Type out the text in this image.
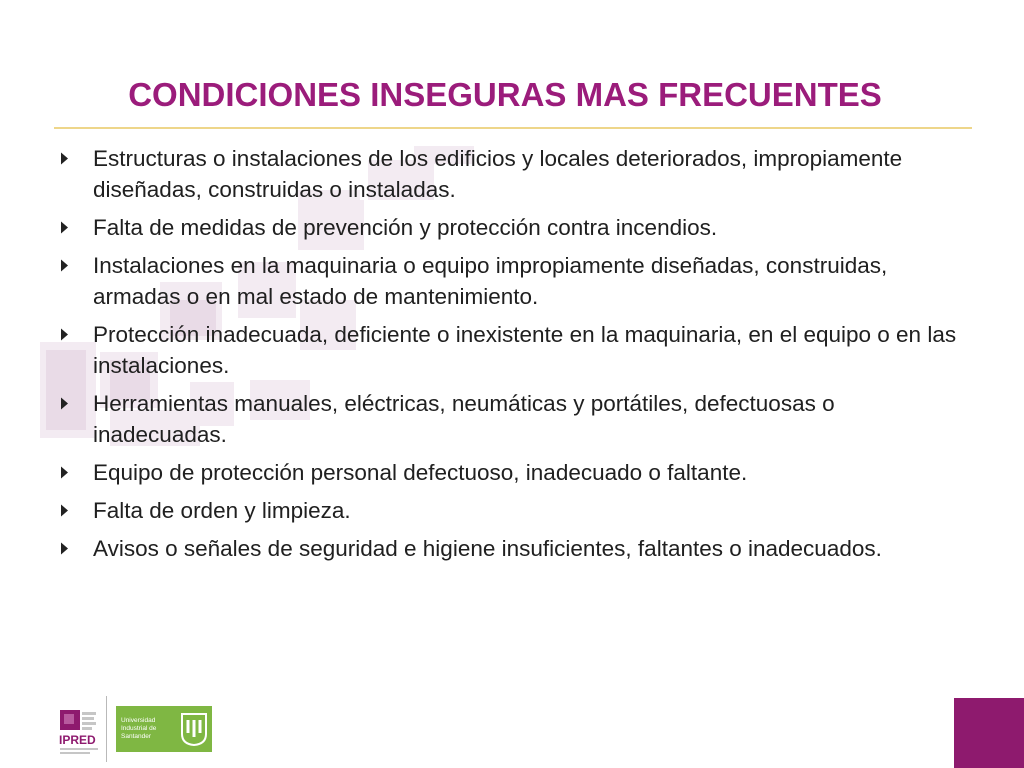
CONDICIONES INSEGURAS MAS FRECUENTES
Estructuras o instalaciones de los edificios y locales deteriorados, impropiamente diseñadas, construidas o instaladas.
Falta de medidas de prevención y protección contra incendios.
Instalaciones en la maquinaria o equipo impropiamente diseñadas, construidas, armadas o en mal estado de mantenimiento.
Protección inadecuada, deficiente o inexistente en la maquinaria, en el equipo o en las instalaciones.
Herramientas manuales, eléctricas, neumáticas y portátiles, defectuosas o inadecuadas.
Equipo de protección personal defectuoso, inadecuado o faltante.
Falta de orden y limpieza.
Avisos o señales de seguridad e higiene insuficientes, faltantes o inadecuados.
IPRED
Universidad
Industrial de
Santander
